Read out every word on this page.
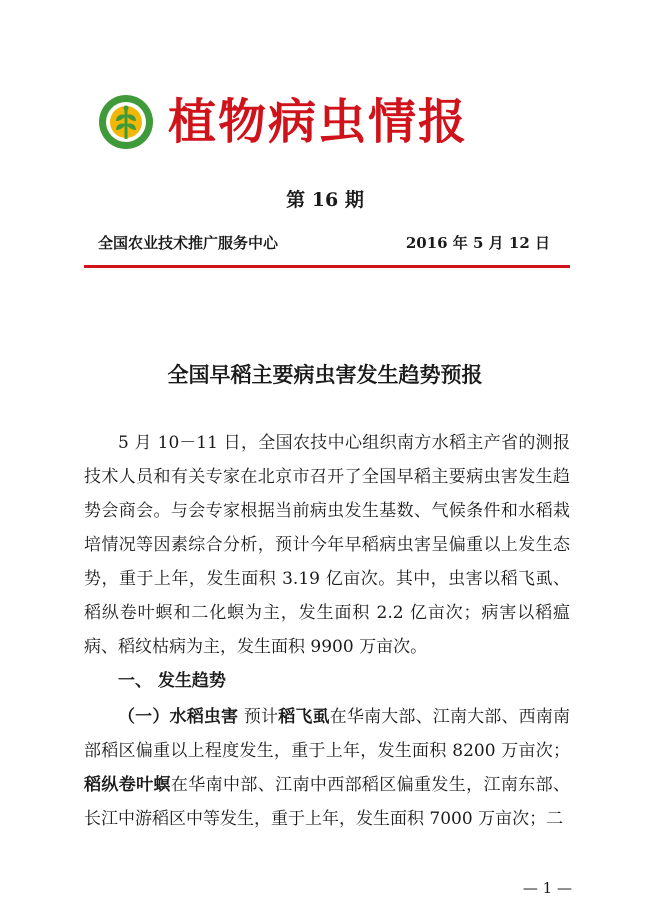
植物病虫情报
第 16 期
全国农业技术推广服务中心	2016 年 5 月 12 日
全国早稻主要病虫害发生趋势预报

5 月 10－11 日，全国农技中心组织南方水稻主产省的测报技术人员和有关专家在北京市召开了全国早稻主要病虫害发生趋势会商会。与会专家根据当前病虫发生基数、气候条件和水稻栽培情况等因素综合分析，预计今年早稻病虫害呈偏重以上发生态势，重于上年，发生面积 3.19 亿亩次。其中，虫害以稻飞虱、稻纵卷叶螟和二化螟为主，发生面积 2.2 亿亩次；病害以稻瘟病、稻纹枯病为主，发生面积 9900 万亩次。

一、 发生趋势

（一）水稻虫害 预计稻飞虱在华南大部、江南大部、西南南部稻区偏重以上程度发生，重于上年，发生面积 8200 万亩次；稻纵卷叶螟在华南中部、江南中西部稻区偏重发生，江南东部、长江中游稻区中等发生，重于上年，发生面积 7000 万亩次；二

— 1 —
